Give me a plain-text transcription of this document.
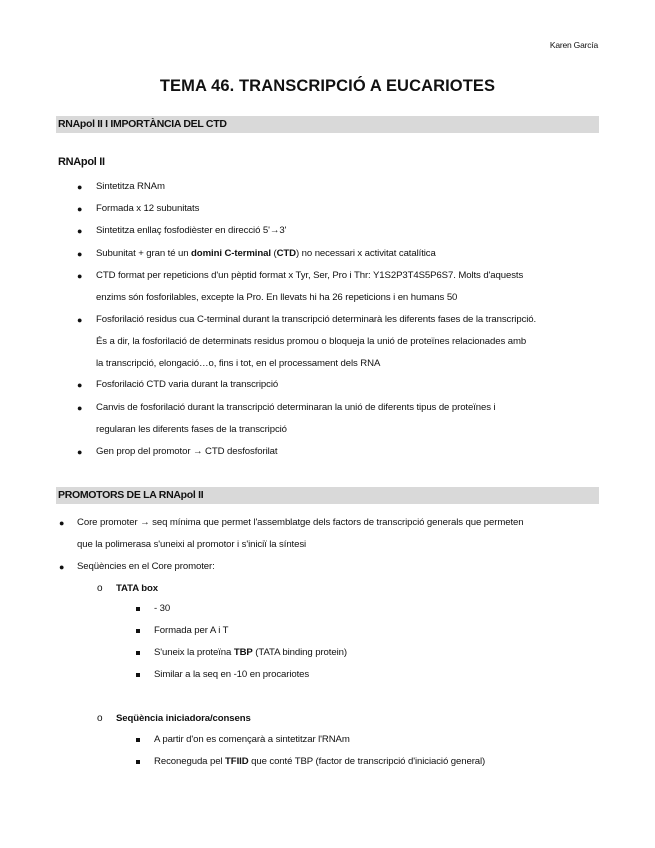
Karen García
TEMA 46. TRANSCRIPCIÓ A EUCARIOTES
RNApol II I IMPORTÀNCIA DEL CTD
RNApol II
● Sintetitza RNAm
● Formada x 12 subunitats
● Sintetitza enllaç fosfodièster en direcció 5'→3'
● Subunitat + gran té un domini C-terminal (CTD) no necessari x activitat catalítica
● CTD format per repeticions d'un pèptid format x Tyr, Ser, Pro i Thr: Y1S2P3T4S5P6S7. Molts d'aquests
enzims són fosforilables, excepte la Pro. En llevats hi ha 26 repeticions i en humans 50
● Fosforilació residus cua C-terminal durant la transcripció determinarà les diferents fases de la transcripció.
És a dir, la fosforilació de determinats residus promou o bloqueja la unió de proteïnes relacionades amb
la transcripció, elongació…o, fins i tot, en el processament dels RNA
● Fosforilació CTD varia durant la transcripció
● Canvis de fosforilació durant la transcripció determinaran la unió de diferents tipus de proteïnes i
regularan les diferents fases de la transcripció
● Gen prop del promotor → CTD desfosforilat
PROMOTORS DE LA RNApol II
● Core promoter → seq mínima que permet l'assemblatge dels factors de transcripció generals que permeten
que la polimerasa s'uneixi al promotor i s'iniciï la síntesi
● Seqüències en el Core promoter:
o TATA box
- 30
Formada per A i T
S'uneix la proteïna TBP (TATA binding protein)
Similar a la seq en -10 en procariotes
o Seqüència iniciadora/consens
A partir d'on es començarà a sintetitzar l'RNAm
Reconeguda pel TFIID que conté TBP (factor de transcripció d'iniciació general)
